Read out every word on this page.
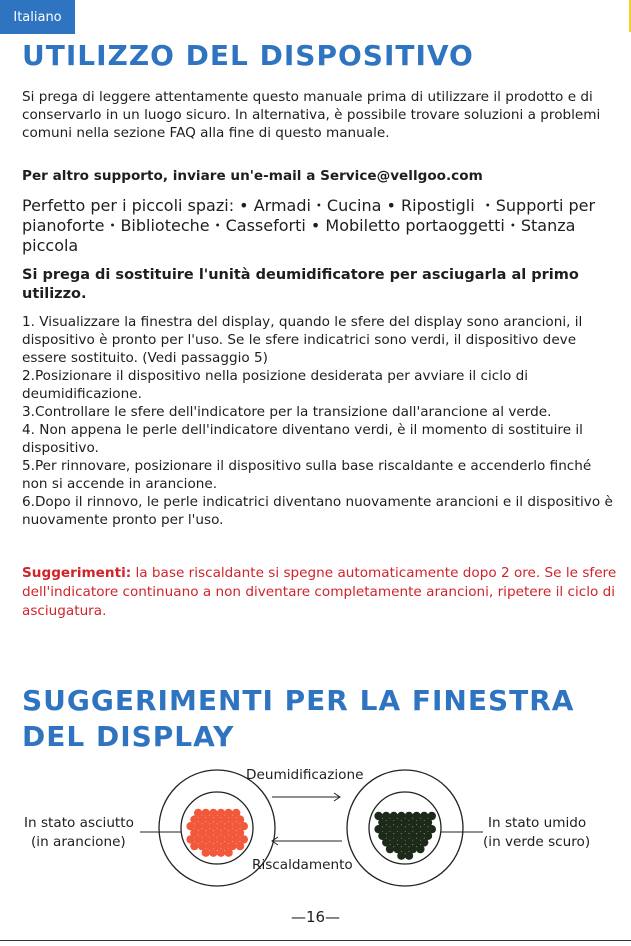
Italiano
UTILIZZO DEL DISPOSITIVO

Si prega di leggere attentamente questo manuale prima di utilizzare il prodotto e di conservarlo in un luogo sicuro. In alternativa, è possibile trovare soluzioni a problemi comuni nella sezione FAQ alla fine di questo manuale.

Per altro supporto, inviare un'e-mail a Service@vellgoo.com

Perfetto per i piccoli spazi: • Armadi・Cucina • Ripostigli ・Supporti per pianoforte・Biblioteche・Casseforti • Mobiletto portaoggetti・Stanza piccola

Si prega di sostituire l'unità deumidificatore per asciugarla al primo utilizzo.

1. Visualizzare la finestra del display, quando le sfere del display sono arancioni, il dispositivo è pronto per l'uso. Se le sfere indicatrici sono verdi, il dispositivo deve essere sostituito. (Vedi passaggio 5)
2.Posizionare il dispositivo nella posizione desiderata per avviare il ciclo di deumidificazione.
3.Controllare le sfere dell'indicatore per la transizione dall'arancione al verde.
4. Non appena le perle dell'indicatore diventano verdi, è il momento di sostituire il dispositivo.
5.Per rinnovare, posizionare il dispositivo sulla base riscaldante e accenderlo finché non si accende in arancione.
6.Dopo il rinnovo, le perle indicatrici diventano nuovamente arancioni e il dispositivo è nuovamente pronto per l'uso.

Suggerimenti: la base riscaldante si spegne automaticamente dopo 2 ore. Se le sfere dell'indicatore continuano a non diventare completamente arancioni, ripetere il ciclo di asciugatura.

SUGGERIMENTI PER LA FINESTRA
DEL DISPLAY
Deumidificazione
Riscaldamento
In stato asciutto
(in arancione)
In stato umido
(in verde scuro)
—16—
